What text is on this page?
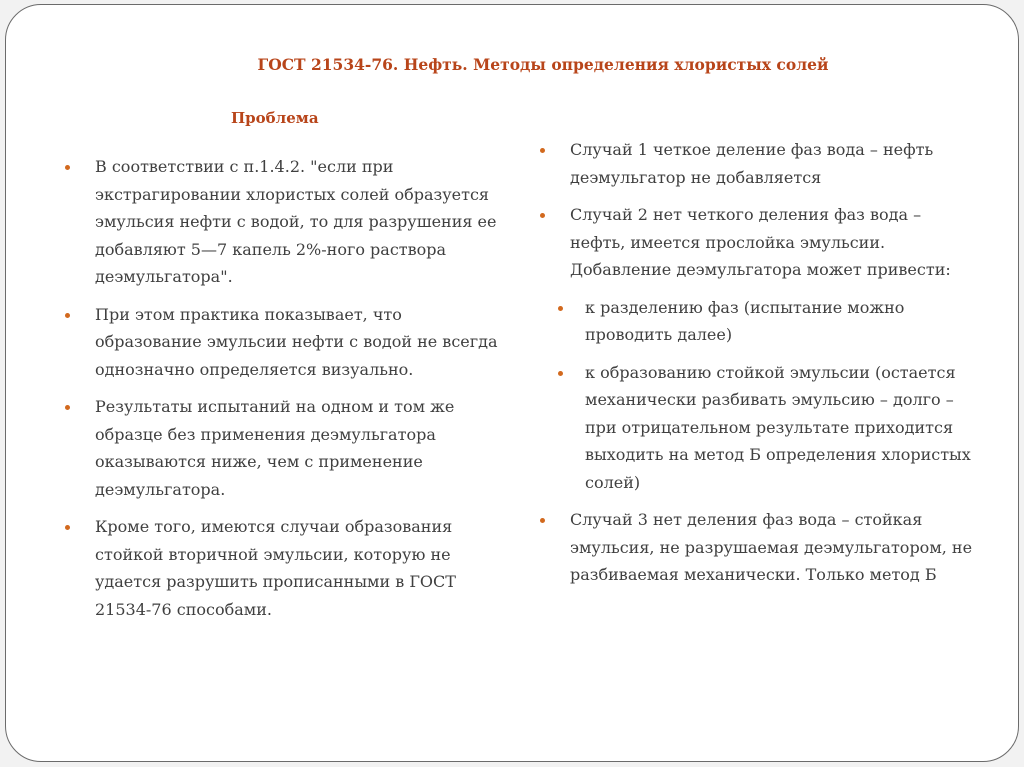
ГОСТ 21534-76. Нефть. Методы определения хлористых солей
Проблема
В соответствии с п.1.4.2. "если при экстрагировании хлористых солей образуется эмульсия нефти с водой, то для разрушения ее добавляют 5—7 капель 2%-ного раствора деэмульгатора".
При этом практика показывает, что образование эмульсии нефти с водой не всегда однозначно определяется визуально.
Результаты испытаний на одном и том же образце без применения деэмульгатора оказываются ниже, чем с применение деэмульгатора.
Кроме того, имеются случаи образования стойкой вторичной эмульсии, которую не удается разрушить прописанными в ГОСТ 21534-76 способами.
Случай 1 четкое деление фаз вода – нефть деэмульгатор не добавляется
Случай 2 нет четкого деления фаз вода – нефть, имеется прослойка эмульсии. Добавление деэмульгатора может привести:
к разделению фаз (испытание можно проводить далее)
к образованию стойкой эмульсии (остается механически разбивать эмульсию – долго – при отрицательном результате приходится выходить на метод Б определения хлористых солей)
Случай 3 нет деления фаз вода – стойкая эмульсия, не разрушаемая деэмульгатором, не разбиваемая механически. Только метод Б
